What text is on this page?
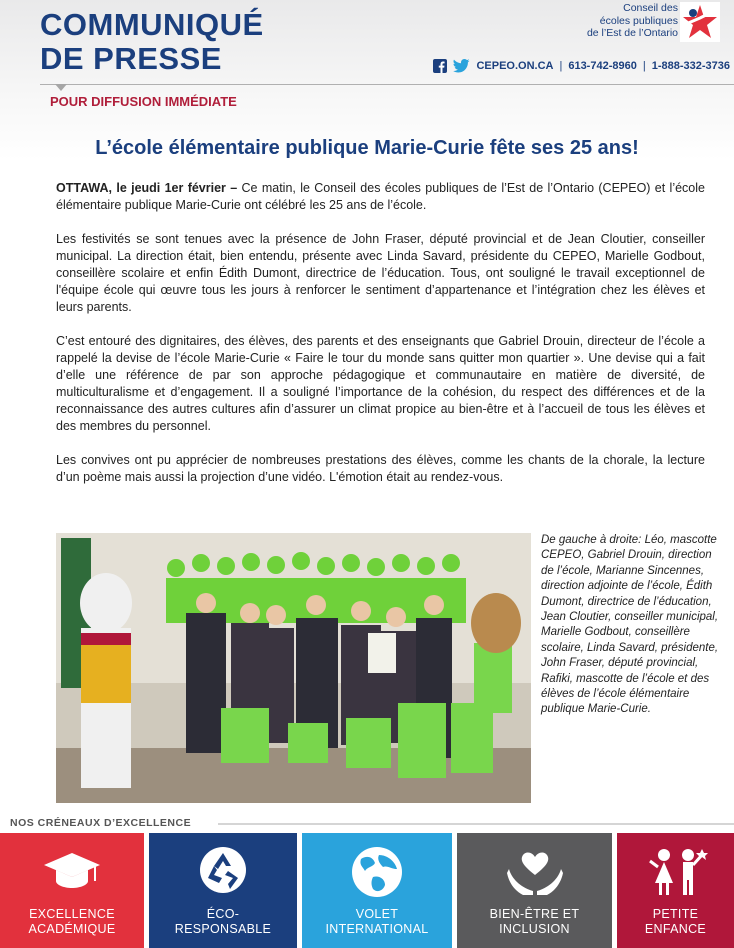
COMMUNIQUÉ
DE PRESSE
Conseil des
écoles publiques
de l’Est de l’Ontario
CEPEO.ON.CA | 613-742-8960 | 1-888-332-3736

POUR DIFFUSION IMMÉDIATE

L’école élémentaire publique Marie-Curie fête ses 25 ans!

OTTAWA, le jeudi 1er février – Ce matin, le Conseil des écoles publiques de l’Est de l’Ontario (CEPEO) et l’école élémentaire publique Marie-Curie ont célébré les 25 ans de l’école.

Les festivités se sont tenues avec la présence de John Fraser, député provincial et de Jean Cloutier, conseiller municipal. La direction était, bien entendu, présente avec Linda Savard, présidente du CEPEO, Marielle Godbout, conseillère scolaire et enfin Édith Dumont, directrice de l’éducation. Tous, ont souligné le travail exceptionnel de l'équipe école qui œuvre tous les jours à renforcer le sentiment d’appartenance et l’intégration chez les élèves et leurs parents.

C’est entouré des dignitaires, des élèves, des parents et des enseignants que Gabriel Drouin, directeur de l’école a rappelé la devise de l’école Marie-Curie « Faire le tour du monde sans quitter mon quartier ». Une devise qui a fait d’elle une référence de par son approche pédagogique et communautaire en matière de diversité, de multiculturalisme et d’engagement. Il a souligné l’importance de la cohésion, du respect des différences et de la reconnaissance des autres cultures afin d’assurer un climat propice au bien-être et à l’accueil de tous les élèves et des membres du personnel.

Les convives ont pu apprécier de nombreuses prestations des élèves, comme les chants de la chorale, la lecture d’un poème mais aussi la projection d’une vidéo. L'émotion était au rendez-vous.

De gauche à droite: Léo, mascotte CEPEO, Gabriel Drouin, direction de l’école, Marianne Sincennes, direction adjointe de l’école, Édith Dumont, directrice de l’éducation, Jean Cloutier, conseiller municipal, Marielle Godbout, conseillère scolaire, Linda Savard, présidente, John Fraser, député provincial, Rafiki, mascotte de l’école et des élèves de l’école élémentaire publique Marie-Curie.

NOS CRÉNEAUX D’EXCELLENCE

EXCELLENCE
ACADÉMIQUE
ÉCO-
RESPONSABLE
VOLET
INTERNATIONAL
BIEN-ÊTRE ET
INCLUSION
PETITE
ENFANCE
